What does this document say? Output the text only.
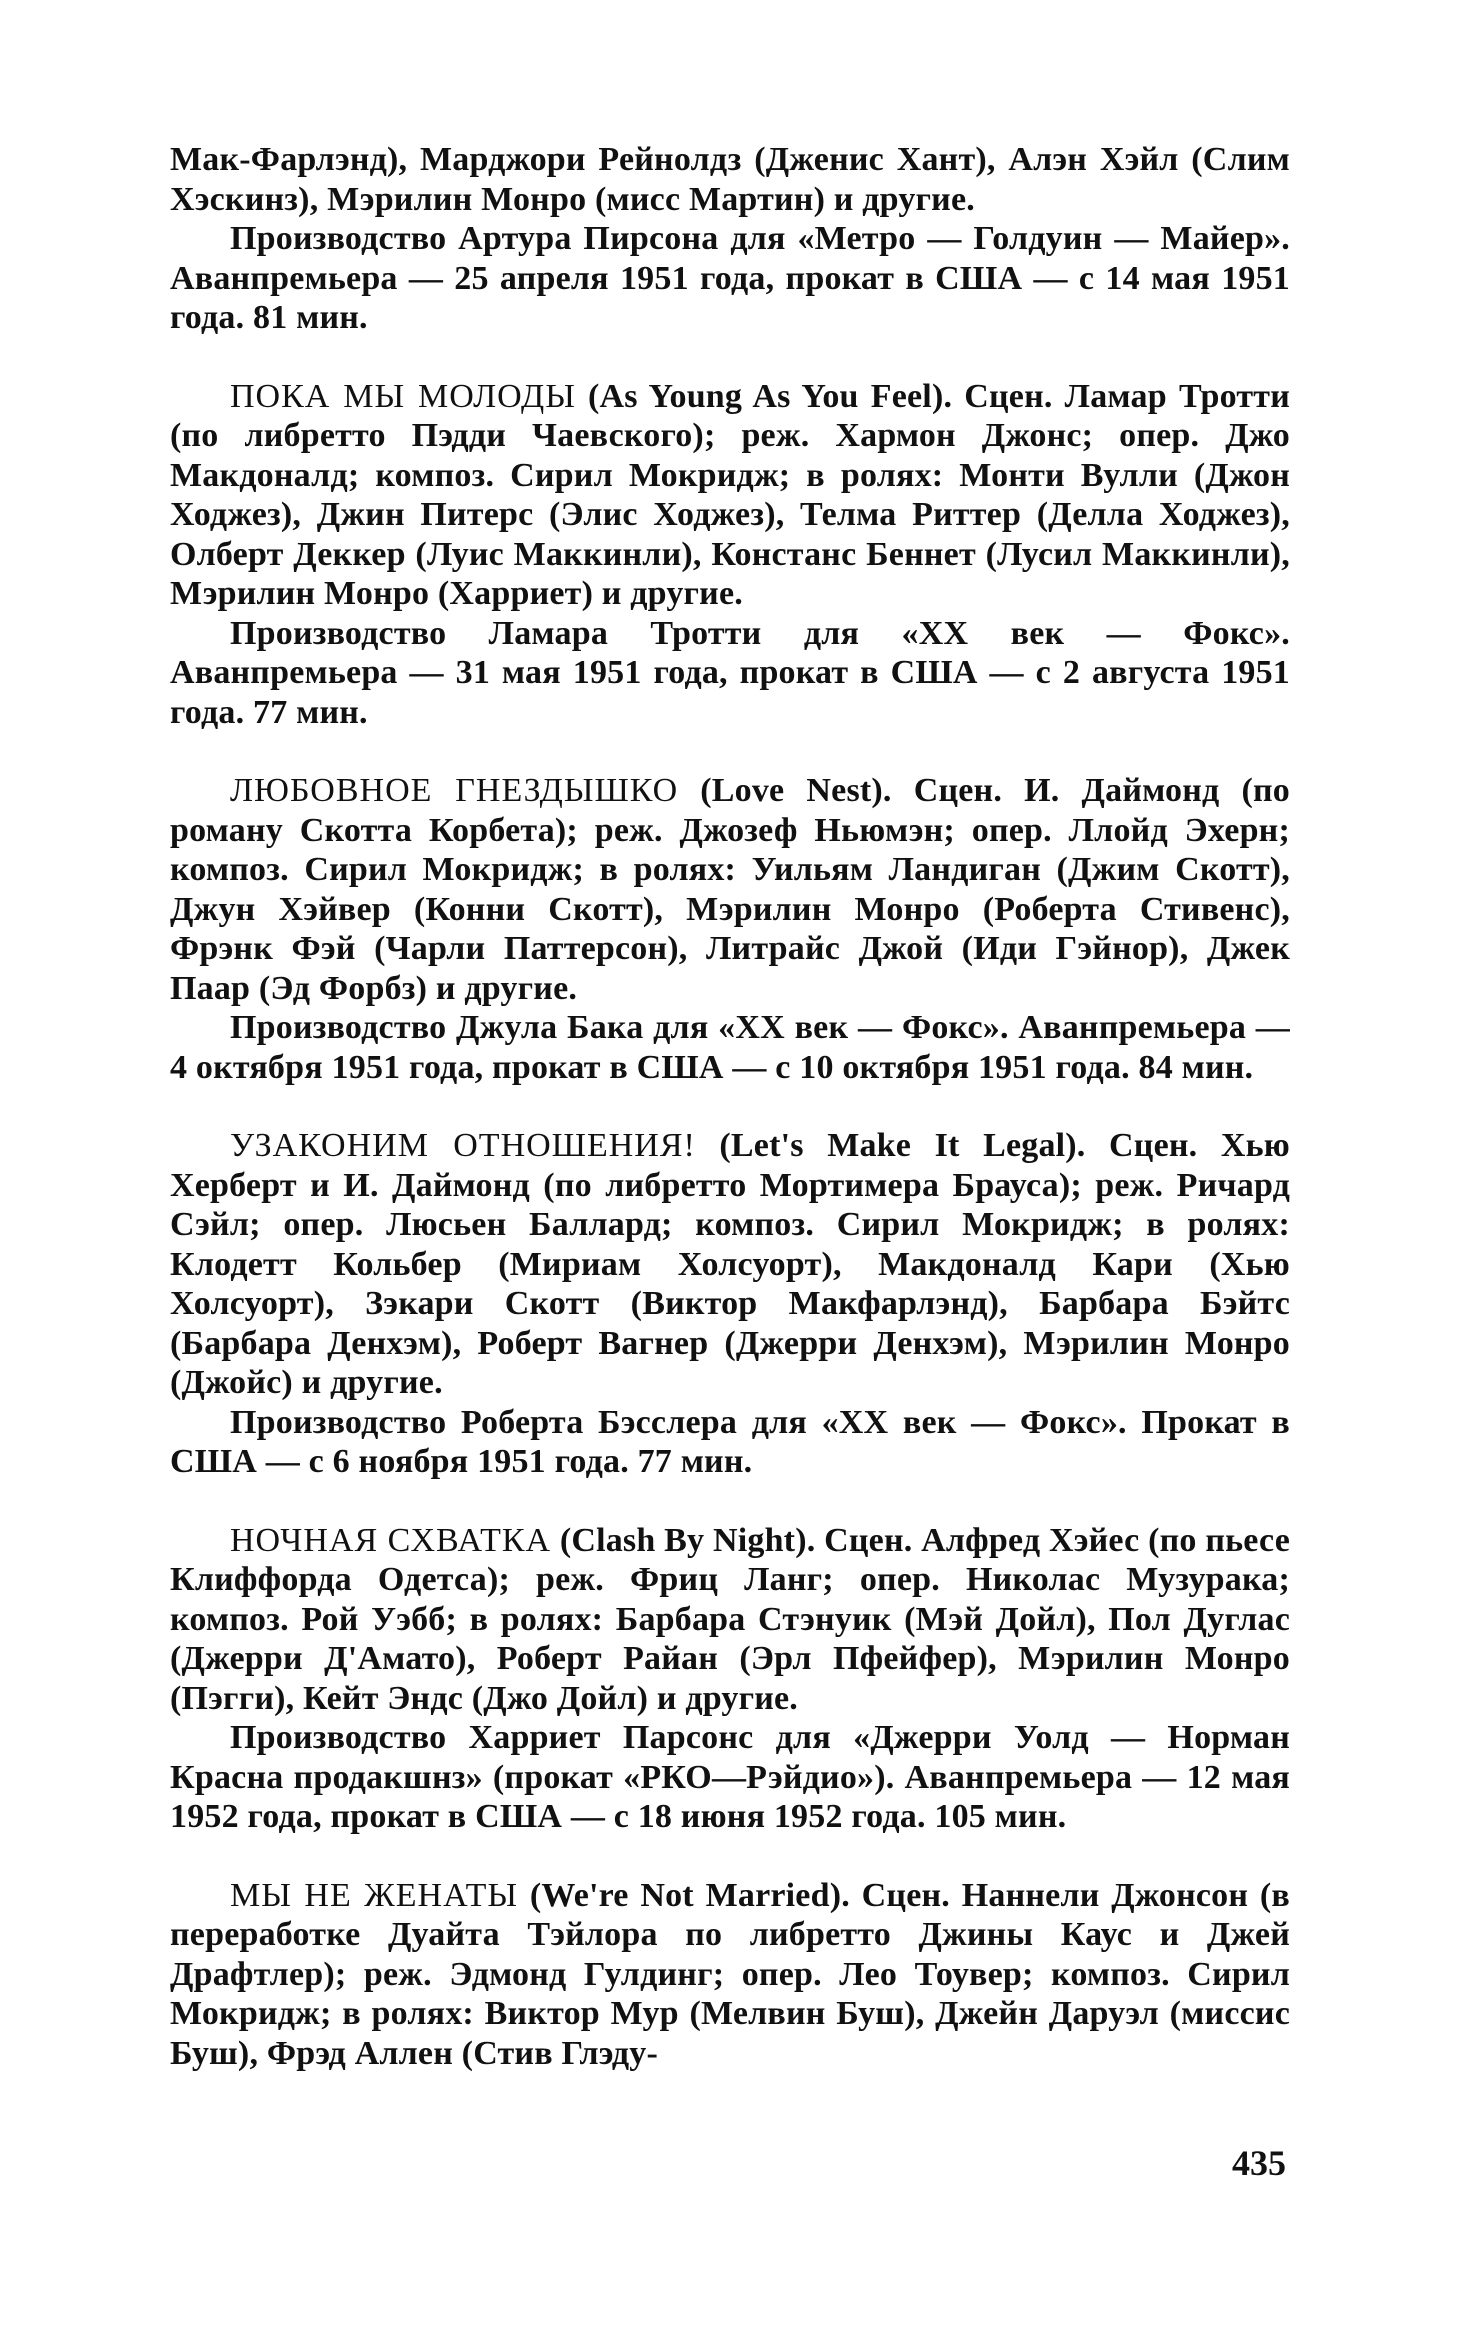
Мак-Фарлэнд), Марджори Рейнолдз (Дженис Хант), Алэн Хэйл (Слим Хэскинз), Мэрилин Монро (мисс Мартин) и другие.

Производство Артура Пирсона для «Метро — Голдуин — Майер». Аванпремьера — 25 апреля 1951 года, прокат в США — с 14 мая 1951 года. 81 мин.

ПОКА МЫ МОЛОДЫ (As Young As You Feel). Сцен. Ламар Тротти (по либретто Пэдди Чаевского); реж. Хармон Джонс; опер. Джо Макдоналд; композ. Сирил Мокридж; в ролях: Монти Вулли (Джон Ходжез), Джин Питерс (Элис Ходжез), Телма Риттер (Делла Ходжез), Олберт Деккер (Луис Маккинли), Констанс Беннет (Лусил Маккинли), Мэрилин Монро (Харриет) и другие.

Производство Ламара Тротти для «XX век — Фокс». Аванпремьера — 31 мая 1951 года, прокат в США — с 2 августа 1951 года. 77 мин.

ЛЮБОВНОЕ ГНЕЗДЫШКО (Love Nest). Сцен. И. Даймонд (по роману Скотта Корбета); реж. Джозеф Ньюмэн; опер. Ллойд Эхерн; композ. Сирил Мокридж; в ролях: Уильям Ландиган (Джим Скотт), Джун Хэйвер (Конни Скотт), Мэрилин Монро (Роберта Стивенс), Фрэнк Фэй (Чарли Паттерсон), Литрайс Джой (Иди Гэйнор), Джек Паар (Эд Форбз) и другие.

Производство Джула Бака для «XX век — Фокс». Аванпремьера — 4 октября 1951 года, прокат в США — с 10 октября 1951 года. 84 мин.

УЗАКОНИМ ОТНОШЕНИЯ! (Let's Make It Legal). Сцен. Хью Херберт и И. Даймонд (по либретто Мортимера Брауса); реж. Ричард Сэйл; опер. Люсьен Баллард; композ. Сирил Мокридж; в ролях: Клодетт Кольбер (Мириам Холсуорт), Макдоналд Кари (Хью Холсуорт), Зэкари Скотт (Виктор Макфарлэнд), Барбара Бэйтс (Барбара Денхэм), Роберт Вагнер (Джерри Денхэм), Мэрилин Монро (Джойс) и другие.

Производство Роберта Бэсслера для «XX век — Фокс». Прокат в США — с 6 ноября 1951 года. 77 мин.

НОЧНАЯ СХВАТКА (Clash By Night). Сцен. Алфред Хэйес (по пьесе Клиффорда Одетса); реж. Фриц Ланг; опер. Николас Музурака; композ. Рой Уэбб; в ролях: Барбара Стэнуик (Мэй Дойл), Пол Дуглас (Джерри Д'Амато), Роберт Райан (Эрл Пфейфер), Мэрилин Монро (Пэгги), Кейт Эндс (Джо Дойл) и другие.

Производство Харриет Парсонс для «Джерри Уолд — Норман Красна продакшнз» (прокат «РКО—Рэйдио»). Аванпремьера — 12 мая 1952 года, прокат в США — с 18 июня 1952 года. 105 мин.

МЫ НЕ ЖЕНАТЫ (We're Not Married). Сцен. Наннели Джонсон (в переработке Дуайта Тэйлора по либретто Джины Каус и Джей Драфтлер); реж. Эдмонд Гулдинг; опер. Лео Тоувер; композ. Сирил Мокридж; в ролях: Виктор Мур (Мелвин Буш), Джейн Даруэл (миссис Буш), Фрэд Аллен (Стив Глэду-

435
